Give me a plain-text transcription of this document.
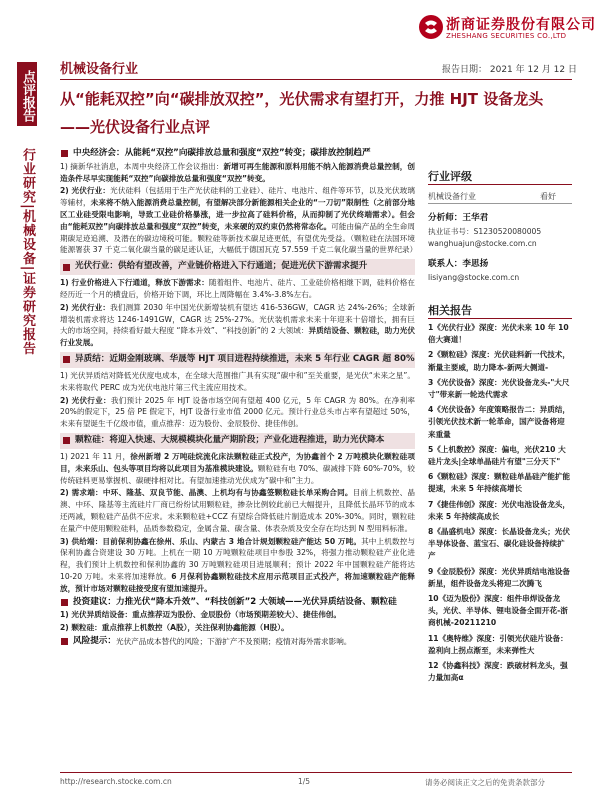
浙商证券股份有限公司
ZHESHANG SECURITIES CO.,LTD
点评报告
行业研究|机械设备|证券研究报告
机械设备行业	报告日期： 2021 年 12 月 12 日
从“能耗双控”向“碳排放双控”，光伏需求有望打开，力推 HJT 设备龙头
——光伏设备行业点评
中央经济会：从能耗“双控”向碳排放总量和强度“双控”转变；碳排放控制趋严
1) 摘新华社消息，本周中央经济工作会议指出：新增可再生能源和原料用能不纳入能源消费总量控制，创造条件尽早实现能耗“双控”向碳排放总量和强度“双控”转变。
2) 光伏行业：光伏硅料（包括用于生产光伏硅料的工业硅）、硅片、电池片、组件等环节，以及光伏玻璃等辅材，未来将不纳入能源消费总量控制，有望解决部分新能源相关企业的“一刀切”限制性（之前部分地区工业硅受限电影响，导致工业硅价格暴涨，进一步拉高了硅料价格，从而抑制了光伏终端需求）。但会由“能耗双控”向碳排放总量和强度“双控”转变，未来硬的双约束仍然将常态化。可能由偏产品的全生命周期碳足迹追溯、及潜在的碳边境税可能。颗粒硅等新技术碳足迹更低，有望优先受益。（颗粒硅在法国环境能源署获 37 千克二氧化碳当量的碳足迹认证，大幅低于德国瓦克 57.559 千克二氧化碳当量的世界纪录）
光伏行业：供给有望改善，产业链价格进入下行通道；促进光伏下游需求提升
1) 行业价格进入下行通道，释放下游需求：随着组件、电池片、硅片、工业硅价格相继下调，硅料价格在经历近一个月的横盘后，价格开始下调，环比上周降幅在 3.4%-3.8%左右。
2) 光伏行业：我们测算 2030 年中国光伏新增装机有望达 416-536GW，CAGR 达 24%-26%；全球新增装机需求将达 1246-1491GW，CAGR 达 25%-27%。光伏装机需求未来十年迎来十倍增长，拥有巨大的市场空间，持续看好最大程度 “降本升效”、“科技创新”的 2 大领域：异质结设备、颗粒硅，助力光伏行业发展。
异质结：近期金刚玻璃、华晟等 HJT 项目进程持续推进，未来 5 年行业 CAGR 超 80%
1) 光伏异质结对降低光伏度电成本，在全球大范围推广具有实现“碳中和”至关重要，是光伏“未来之星”。未来将取代 PERC 成为光伏电池片第三代主流应用技术。
2) 光伏行业：我们预计 2025 年 HJT 设备市场空间有望超 400 亿元，5 年 CAGR 为 80%。在净利率 20%的假定下，25 倍 PE 假定下，HJT 设备行业市值 2000 亿元。预计行业总头市占率有望超过 50%，未来有望诞生千亿级市值，重点推荐：迈为股份、金辰股份、捷佳伟创。
颗粒硅：将迎入快速、大规模模块化量产期阶段；产业化进程推进，助力光伏降本
1) 2021 年 11 月，徐州新增 2 万吨硅烷流化床法颗粒硅正式投产，为协鑫首个 2 万吨模块化颗粒硅项目，未来乐山、包头等项目均将以此项目为基准模块建设。颗粒硅有电 70%、碳减排下降 60%-70%，较传统硅料更易掌握机、碳硬排相对比。有望加速推动光伏成为“碳中和”主力。
2) 需求端：中环、隆基、双良节能、晶澳、上机均有与协鑫签颗粒硅长单采购合同。目前上机数控、晶澳、中环、隆基等主流硅片厂商已纷纷试用颗粒硅，掺杂比例较此前已大幅提升，且降低长晶环节的成本还两减，颗粒硅产品供不应求。未来颗粒硅+CCZ 有望综合降低硅片制造成本 20%-30%。同时，颗粒硅在量产中使用颗粒硅料，品质参数稳定，金属含量、碳含量、体表杂质及安全存在均达到 N 型用料标准。
3) 供给端：目前保利协鑫在徐州、乐山、内蒙古 3 地合计规划颗粒硅产能达 50 万吨。其中上机数控与保利协鑫合资建设 30 万吨。上机在一期 10 万吨颗粒硅项目中参股 32%，将强力推动颗粒硅产业化进程，我们预计上机数控和保利协鑫的 30 万吨颗粒硅项目进展顺利；预计 2022 年中国颗粒硅产能将达 10-20 万吨。未来将加速释放。6 月保利协鑫颗粒硅技术应用示范项目正式投产，将加速颗粒硅产能释放，预计市场对颗粒硅接受度有望加速提升。
投资建议：力推光伏“降本升效”、“科技创新”2 大领域——光伏异质结设备、颗粒硅
1) 光伏异质结设备：重点推荐迈为股份、金辰股份（市场预期差较大）、捷佳伟创。
2) 颗粒硅：重点推荐上机数控（A股），关注保利协鑫能源（H股）。
风险提示： 光伏产品成本替代的风险；下游扩产不及预期；疫情对海外需求影响。
行业评级
机械设备行业	看好
分析师：王华君
执业证书号：S1230520080005
wanghuajun@stocke.com.cn
联系人：李思扬
lisiyang@stocke.com.cn
相关报告
1《光伏行业》深度：光伏未来 10 年 10 倍大赛道！
2《颗粒硅》深度：光伏硅料新一代技术，渐量主要威，助力降本-新两大侧道-
3《光伏设备》深度：光伏设备龙头-"大尺寸"带来新一轮迭代需求
4《光伏设备》年度策略报告二：异质结，引领光伏技术新一轮革命，国产设备将迎来重量
5《上机数控》深度：偏电，光伏210 大硅片龙头|全球单晶硅片有望"三分天下"
6《颗粒硅》深度：颗粒硅单晶硅产能扩能提速，未来 5 年持续高增长
7《捷佳伟创》深度：光伏电池设备龙头，未来 5 年持续高成长
8《晶盛机电》深度：长晶设备龙头；光伏半导体设备、蓝宝石、碳化硅设备持续扩产
9《金辰股份》深度：光伏异质结电池设备新星，组件设备龙头将迎二次腾飞
10《迈为股份》深度：组件串焊设备龙头，光伏、半导体、锂电设备全面开花-浙商机械-20211210
11《奥特维》深度：引领光伏硅片设备：盈利向上拐点渐至，未来弹性大
12《协鑫科技》深度：跌破材料龙头，强力量加高α
http://research.stocke.com.cn	1/5	请务必阅读正文之后的免责条款部分
